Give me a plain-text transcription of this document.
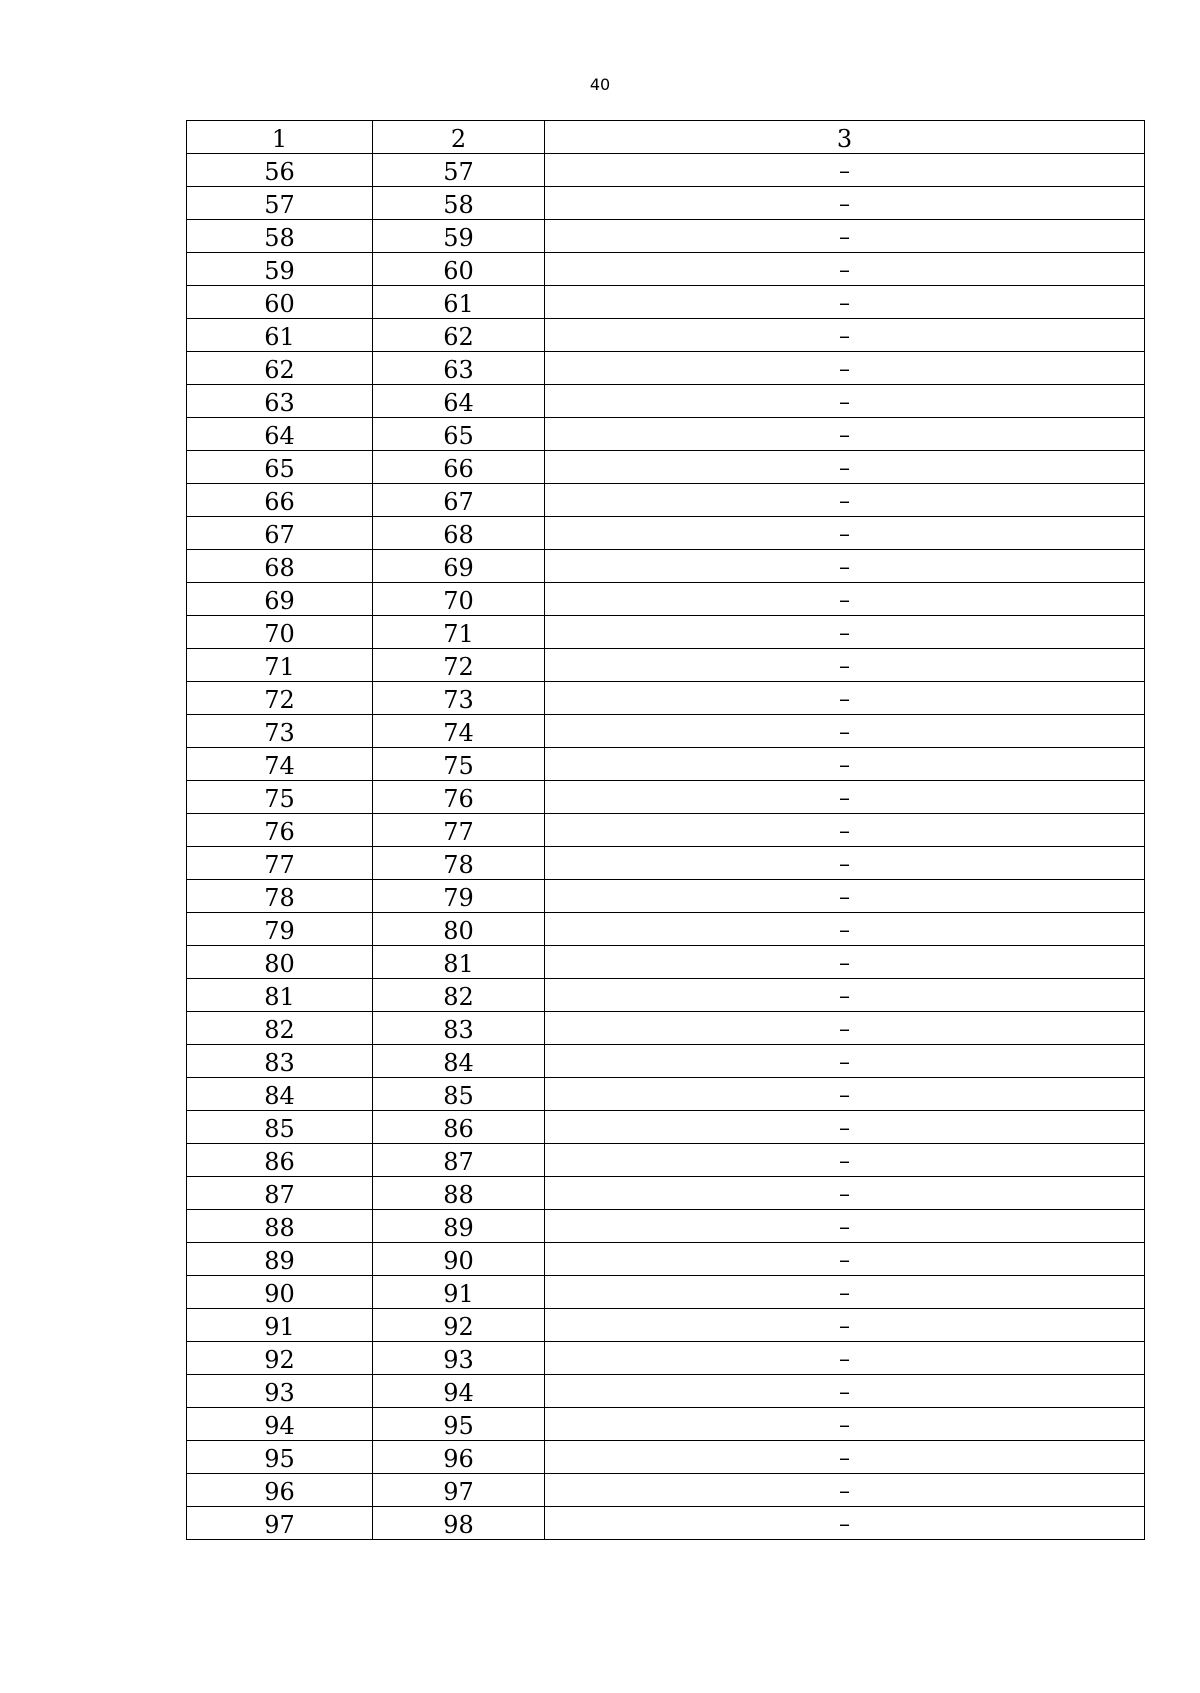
40
1	2	3
56	57	–
57	58	–
58	59	–
59	60	–
60	61	–
61	62	–
62	63	–
63	64	–
64	65	–
65	66	–
66	67	–
67	68	–
68	69	–
69	70	–
70	71	–
71	72	–
72	73	–
73	74	–
74	75	–
75	76	–
76	77	–
77	78	–
78	79	–
79	80	–
80	81	–
81	82	–
82	83	–
83	84	–
84	85	–
85	86	–
86	87	–
87	88	–
88	89	–
89	90	–
90	91	–
91	92	–
92	93	–
93	94	–
94	95	–
95	96	–
96	97	–
97	98	–
